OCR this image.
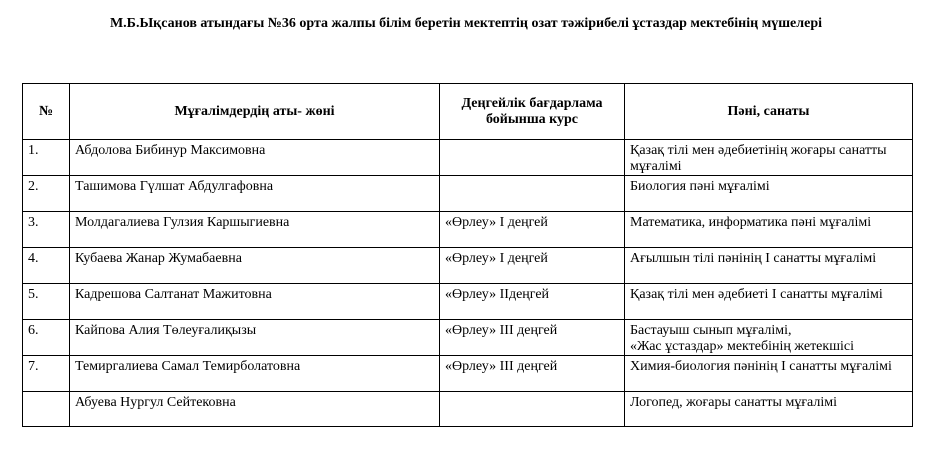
М.Б.Ықсанов атындағы №36 орта жалпы білім беретін мектептің озат тәжірибелі ұстаздар мектебінің мүшелері
№	Мұғалімдердің аты- жөні	Деңгейлік бағдарлама бойынша курс	Пәні, санаты
1.	Абдолова Бибинур Максимовна		Қазақ тілі мен әдебиетінің жоғары санатты мұғалімі
2.	Ташимова Гүлшат Абдулгафовна		Биология пәні мұғалімі
3.	Молдагалиева Гулзия Каршыгиевна	«Өрлеу» І деңгей	Математика, информатика пәні мұғалімі
4.	Кубаева Жанар Жумабаевна	«Өрлеу» І деңгей	Ағылшын тілі пәнінің І санатты мұғалімі
5.	Кадрешова Салтанат Мажитовна	«Өрлеу» ІІдеңгей	Қазақ тілі мен әдебиеті І санатты мұғалімі
6.	Кайпова Алия Төлеуғалиқызы	«Өрлеу» ІІІ деңгей	Бастауыш сынып мұғалімі,
«Жас ұстаздар» мектебінің жетекшісі
7.	Темиргалиева Самал Темирболатовна	«Өрлеу» ІІІ деңгей	Химия-биология пәнінің І санатты мұғалімі
	Абуева Нургул Сейтековна		Логопед, жоғары санатты мұғалімі
